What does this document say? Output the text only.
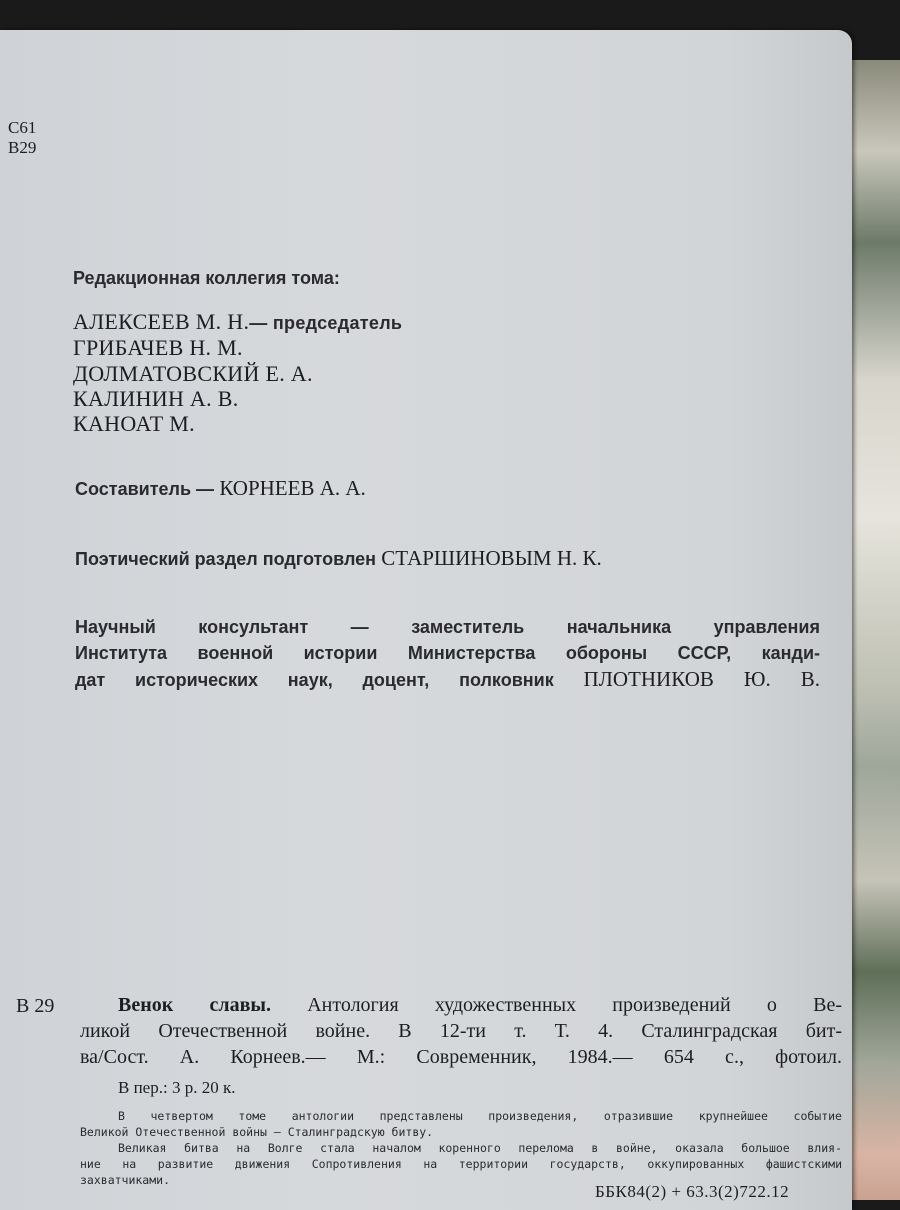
С61
В29
Редакционная коллегия тома:
АЛЕКСЕЕВ М. Н.— председатель
ГРИБАЧЕВ Н. М.
ДОЛМАТОВСКИЙ Е. А.
КАЛИНИН А. В.
КАНОАТ М.
Составитель — КОРНЕЕВ А. А.
Поэтический раздел подготовлен СТАРШИНОВЫМ Н. К.
Научный консультант — заместитель начальника управления
Института военной истории Министерства обороны СССР, канди-
дат исторических наук, доцент, полковник ПЛОТНИКОВ Ю. В.
В 29	Венок славы. Антология художественных произведений о Ве-
ликой Отечественной войне. В 12-ти т. Т. 4. Сталинградская бит-
ва/Сост. А. Корнеев.— М.: Современник, 1984.— 654 с., фотоил.
В пер.: 3 р. 20 к.
В четвертом томе антологии представлены произведения, отразившие крупнейшее событие
Великой Отечественной войны — Сталинградскую битву.
Великая битва на Волге стала началом коренного перелома в войне, оказала большое влия-
ние на развитие движения Сопротивления на территории государств, оккупированных фашистскими
захватчиками.
ББК84(2) + 63.3(2)722.12
